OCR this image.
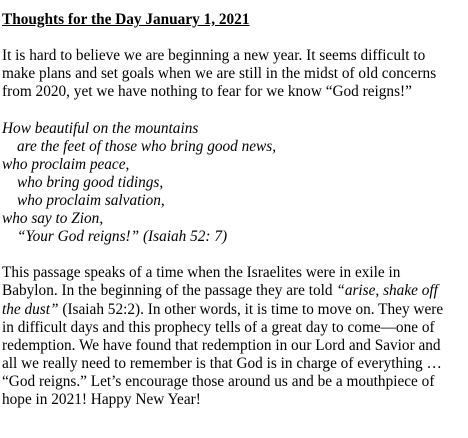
Thoughts for the Day January 1, 2021
It is hard to believe we are beginning a new year. It seems difficult to
make plans and set goals when we are still in the midst of old concerns
from 2020, yet we have nothing to fear for we know “God reigns!”
How beautiful on the mountains
are the feet of those who bring good news,
who proclaim peace,
who bring good tidings,
who proclaim salvation,
who say to Zion,
“Your God reigns!” (Isaiah 52: 7)
This passage speaks of a time when the Israelites were in exile in
Babylon. In the beginning of the passage they are told “arise, shake off
the dust” (Isaiah 52:2). In other words, it is time to move on. They were
in difficult days and this prophecy tells of a great day to come—one of
redemption. We have found that redemption in our Lord and Savior and
all we really need to remember is that God is in charge of everything …
“God reigns.” Let’s encourage those around us and be a mouthpiece of
hope in 2021! Happy New Year!
